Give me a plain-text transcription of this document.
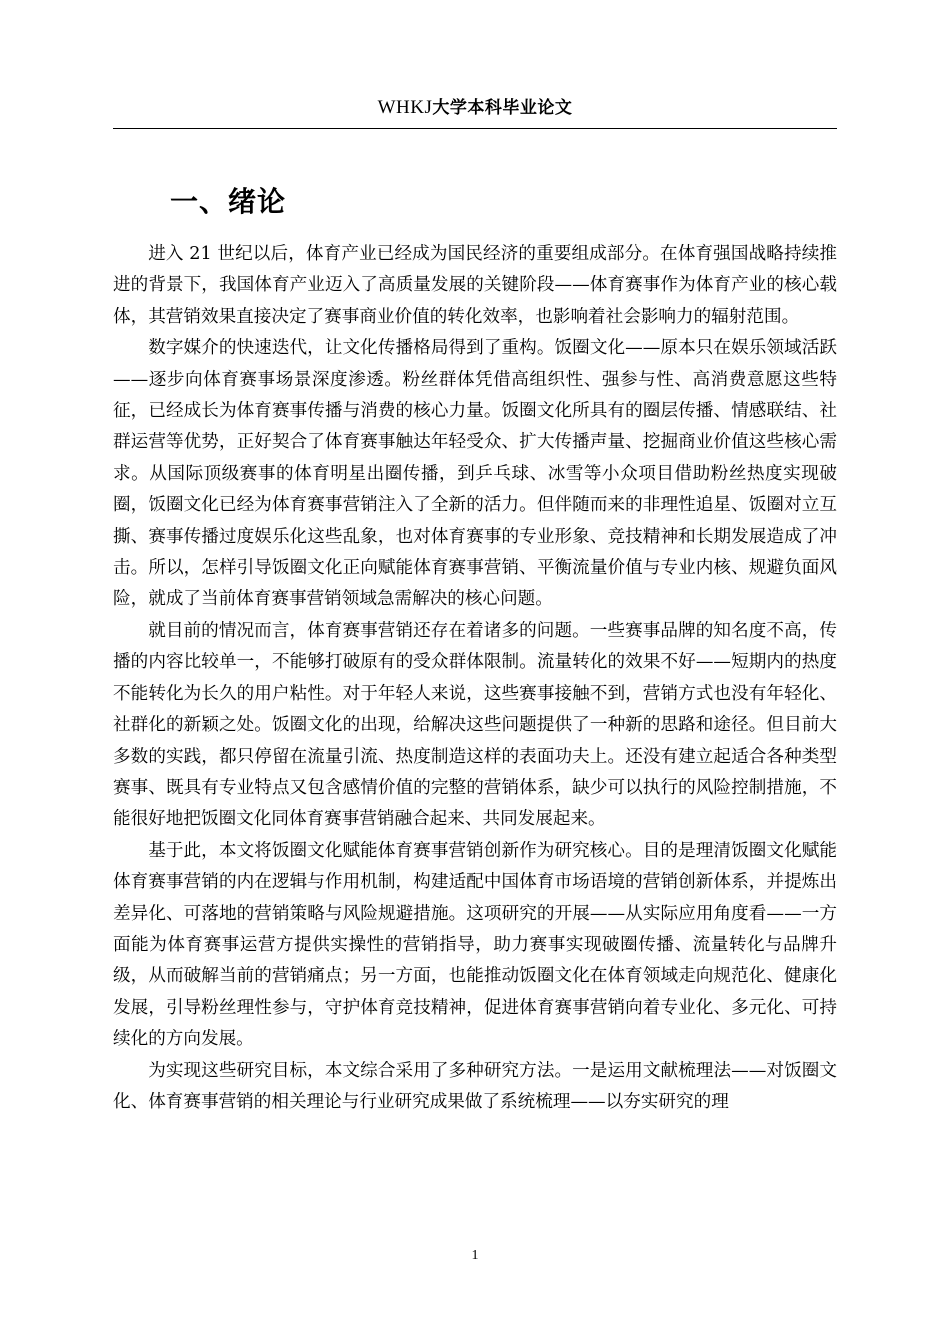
WHKJ大学本科毕业论文
一、绪论

进入 21 世纪以后，体育产业已经成为国民经济的重要组成部分。在体育强国战略持续推进的背景下，我国体育产业迈入了高质量发展的关键阶段——体育赛事作为体育产业的核心载体，其营销效果直接决定了赛事商业价值的转化效率，也影响着社会影响力的辐射范围。

数字媒介的快速迭代，让文化传播格局得到了重构。饭圈文化——原本只在娱乐领域活跃——逐步向体育赛事场景深度渗透。粉丝群体凭借高组织性、强参与性、高消费意愿这些特征，已经成长为体育赛事传播与消费的核心力量。饭圈文化所具有的圈层传播、情感联结、社群运营等优势，正好契合了体育赛事触达年轻受众、扩大传播声量、挖掘商业价值这些核心需求。从国际顶级赛事的体育明星出圈传播，到乒乓球、冰雪等小众项目借助粉丝热度实现破圈，饭圈文化已经为体育赛事营销注入了全新的活力。但伴随而来的非理性追星、饭圈对立互撕、赛事传播过度娱乐化这些乱象，也对体育赛事的专业形象、竞技精神和长期发展造成了冲击。所以，怎样引导饭圈文化正向赋能体育赛事营销、平衡流量价值与专业内核、规避负面风险，就成了当前体育赛事营销领域急需解决的核心问题。

就目前的情况而言，体育赛事营销还存在着诸多的问题。一些赛事品牌的知名度不高，传播的内容比较单一，不能够打破原有的受众群体限制。流量转化的效果不好——短期内的热度不能转化为长久的用户粘性。对于年轻人来说，这些赛事接触不到，营销方式也没有年轻化、社群化的新颖之处。饭圈文化的出现，给解决这些问题提供了一种新的思路和途径。但目前大多数的实践，都只停留在流量引流、热度制造这样的表面功夫上。还没有建立起适合各种类型赛事、既具有专业特点又包含感情价值的完整的营销体系，缺少可以执行的风险控制措施，不能很好地把饭圈文化同体育赛事营销融合起来、共同发展起来。

基于此，本文将饭圈文化赋能体育赛事营销创新作为研究核心。目的是理清饭圈文化赋能体育赛事营销的内在逻辑与作用机制，构建适配中国体育市场语境的营销创新体系，并提炼出差异化、可落地的营销策略与风险规避措施。这项研究的开展——从实际应用角度看——一方面能为体育赛事运营方提供实操性的营销指导，助力赛事实现破圈传播、流量转化与品牌升级，从而破解当前的营销痛点；另一方面，也能推动饭圈文化在体育领域走向规范化、健康化发展，引导粉丝理性参与，守护体育竞技精神，促进体育赛事营销向着专业化、多元化、可持续化的方向发展。

为实现这些研究目标，本文综合采用了多种研究方法。一是运用文献梳理法——对饭圈文化、体育赛事营销的相关理论与行业研究成果做了系统梳理——以夯实研究的理

1
